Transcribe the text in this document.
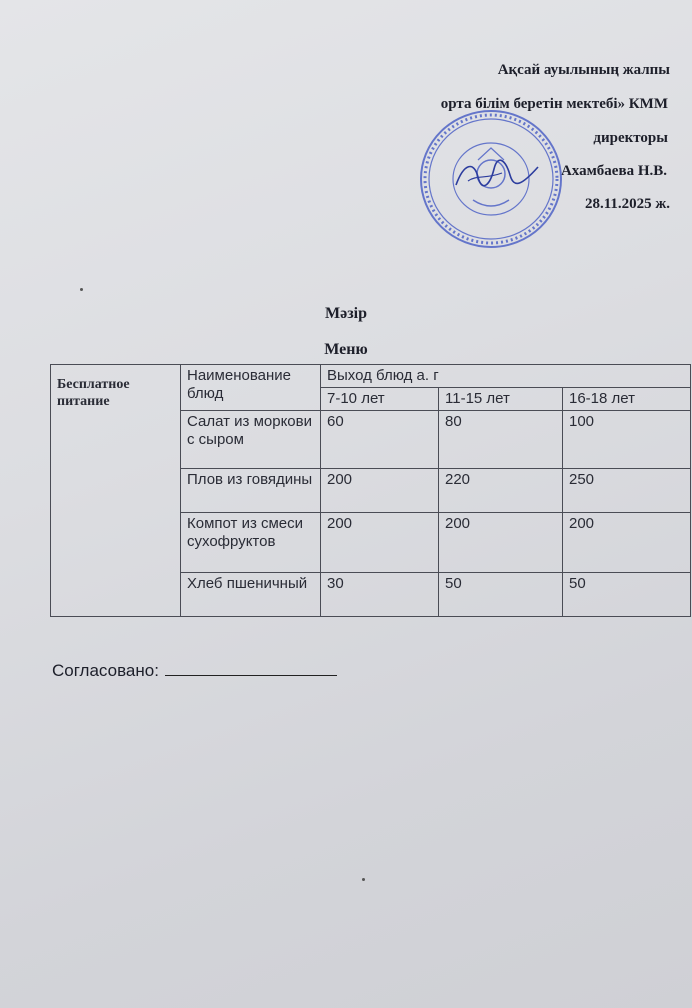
Ақсай ауылының жалпы
орта білім беретін мектебі» КММ
директоры
Ахамбаева Н.В.
28.11.2025 ж.
Мәзір
Меню
Бесплатное питание	Наименование блюд	Выход блюд а. г		
		7-10 лет	11-15 лет	16-18 лет
	Салат из моркови с сыром	60	80	100
	Плов из говядины	200	220	250
	Компот из смеси сухофруктов	200	200	200
	Хлеб пшеничный	30	50	50
Согласовано:
